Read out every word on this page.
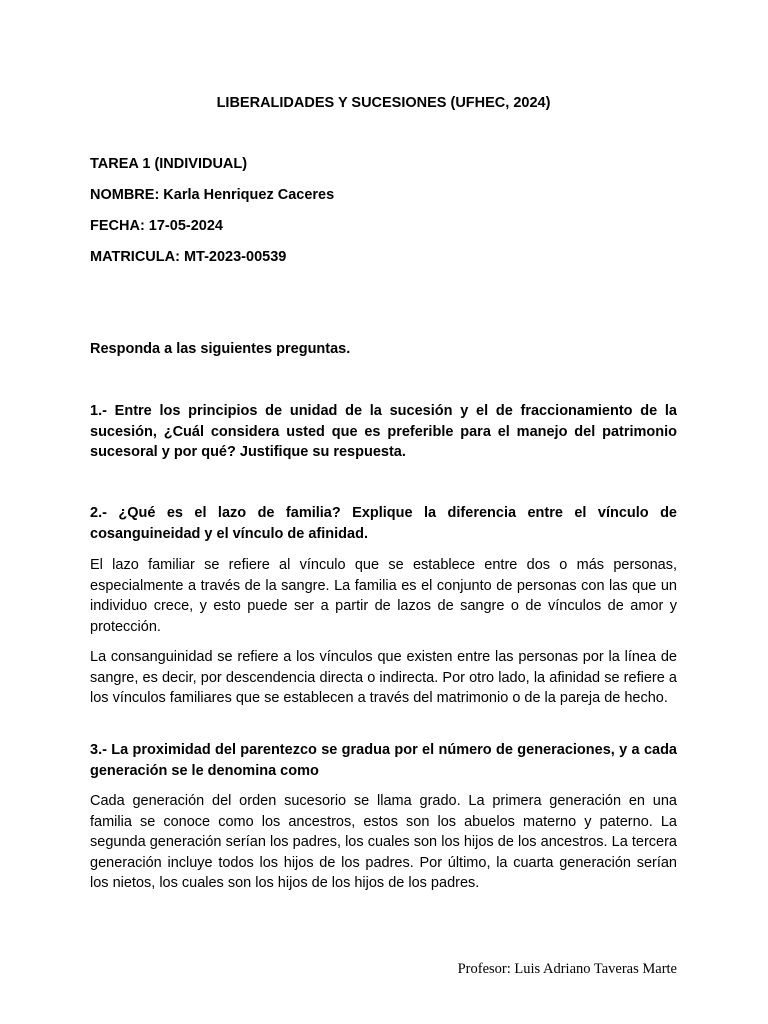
LIBERALIDADES Y SUCESIONES (UFHEC, 2024)
TAREA 1 (INDIVIDUAL)
NOMBRE: Karla Henriquez Caceres
FECHA: 17-05-2024
MATRICULA: MT-2023-00539
Responda a las siguientes preguntas.
1.- Entre los principios de unidad de la sucesión y el de fraccionamiento de la sucesión, ¿Cuál considera usted que es preferible para el manejo del patrimonio sucesoral y por qué? Justifique su respuesta.
2.- ¿Qué es el lazo de familia? Explique la diferencia entre el vínculo de cosanguineidad y el vínculo de afinidad.
El lazo familiar se refiere al vínculo que se establece entre dos o más personas, especialmente a través de la sangre. La familia es el conjunto de personas con las que un individuo crece, y esto puede ser a partir de lazos de sangre o de vínculos de amor y protección.
La consanguinidad se refiere a los vínculos que existen entre las personas por la línea de sangre, es decir, por descendencia directa o indirecta. Por otro lado, la afinidad se refiere a los vínculos familiares que se establecen a través del matrimonio o de la pareja de hecho.
3.- La proximidad del parentezco se gradua por el número de generaciones, y a cada generación se le denomina como
Cada generación del orden sucesorio se llama grado. La primera generación en una familia se conoce como los ancestros, estos son los abuelos materno y paterno. La segunda generación serían los padres, los cuales son los hijos de los ancestros. La tercera generación incluye todos los hijos de los padres. Por último, la cuarta generación serían los nietos, los cuales son los hijos de los hijos de los padres.
Profesor: Luis Adriano Taveras Marte
